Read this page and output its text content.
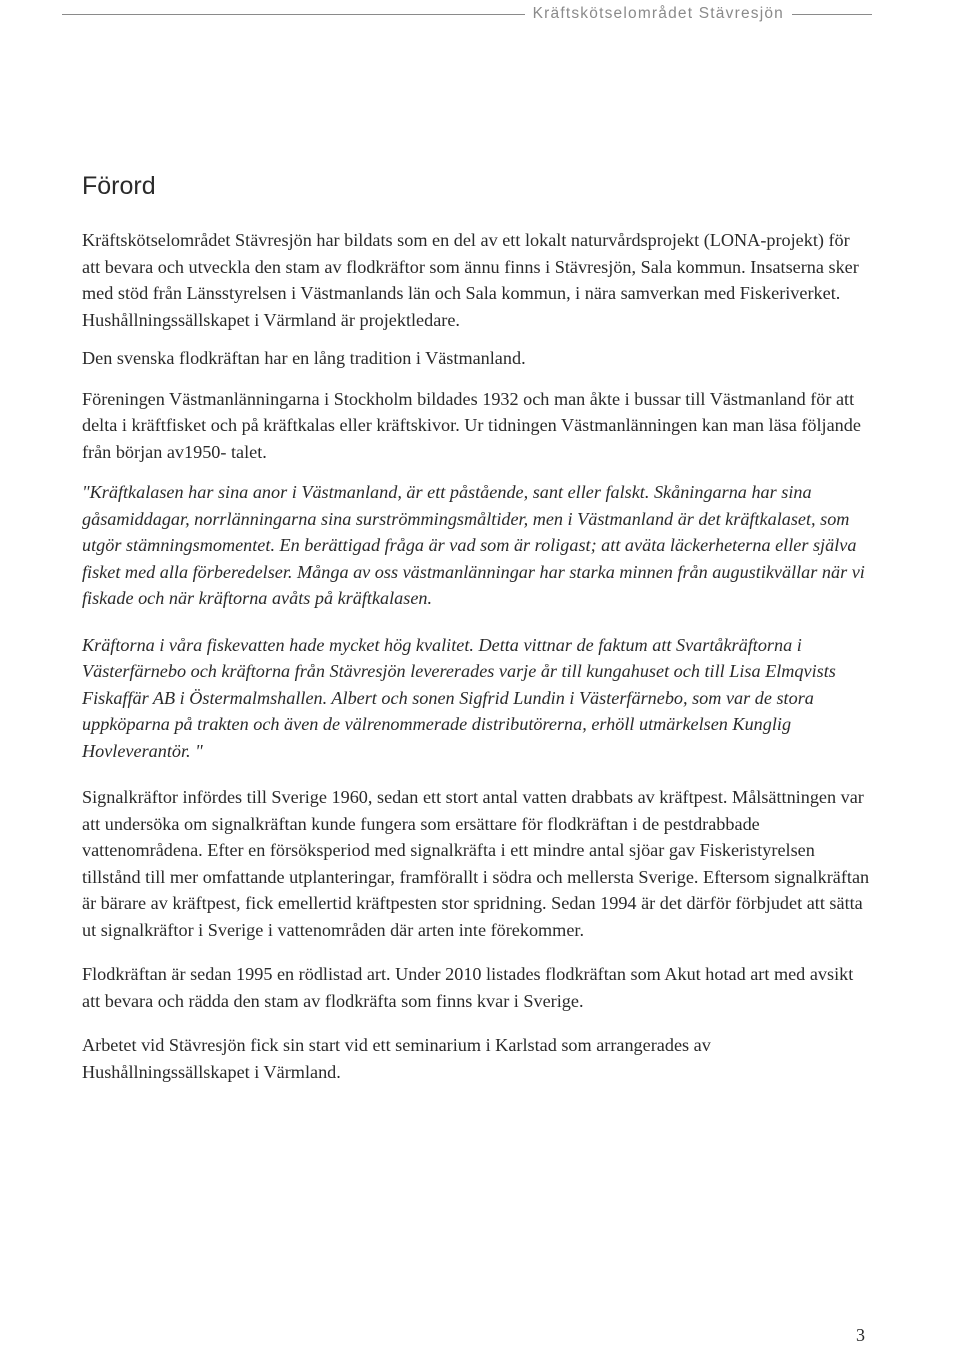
Kräftskötselområdet Stävresjön
Förord

Kräftskötselområdet Stävresjön har bildats som en del av ett lokalt naturvårdsprojekt (LONA-projekt) för att bevara och utveckla den stam av flodkräftor som ännu finns i Stävresjön, Sala kommun. Insatserna sker med stöd från Länsstyrelsen i Västmanlands län och Sala kommun, i nära samverkan med Fiskeriverket. Hushållningssällskapet i Värmland är projektledare.

Den svenska flodkräftan har en lång tradition i Västmanland.

Föreningen Västmanlänningarna i Stockholm bildades 1932 och man åkte i bussar till Västmanland för att delta i kräftfisket och på kräftkalas eller kräftskivor. Ur tidningen Västmanlänningen kan man läsa följande från början av1950- talet.

"Kräftkalasen har sina anor i Västmanland, är ett påstående, sant eller falskt. Skåningarna har sina gåsamiddagar, norrlänningarna sina surströmmingsmåltider, men i Västmanland är det kräftkalaset, som utgör stämningsmomentet. En berättigad fråga är vad som är roligast; att aväta läckerheterna eller själva fisket med alla förberedelser. Många av oss västmanlänningar har starka minnen från augustikvällar när vi fiskade och när kräftorna avåts på kräftkalasen.

Kräftorna i våra fiskevatten hade mycket hög kvalitet. Detta vittnar de faktum att Svartåkräftorna i Västerfärnebo och kräftorna från Stävresjön levererades varje år till kungahuset och till Lisa Elmqvists Fiskaffär AB i Östermalmshallen. Albert och sonen Sigfrid Lundin i Västerfärnebo, som var de stora uppköparna på trakten och även de välrenommerade distributörerna, erhöll utmärkelsen Kunglig Hovleverantör. "

Signalkräftor infördes till Sverige 1960, sedan ett stort antal vatten drabbats av kräftpest. Målsättningen var att undersöka om signalkräftan kunde fungera som ersättare för flodkräftan i de pestdrabbade vattenområdena. Efter en försöksperiod med signalkräfta i ett mindre antal sjöar gav Fiskeristyrelsen tillstånd till mer omfattande utplanteringar, framförallt i södra och mellersta Sverige. Eftersom signalkräftan är bärare av kräftpest, fick emellertid kräftpesten stor spridning. Sedan 1994 är det därför förbjudet att sätta ut signalkräftor i Sverige i vattenområden där arten inte förekommer.

Flodkräftan är sedan 1995 en rödlistad art. Under 2010 listades flodkräftan som Akut hotad art med avsikt att bevara och rädda den stam av flodkräfta som finns kvar i Sverige.

Arbetet vid Stävresjön fick sin start vid ett seminarium i Karlstad som arrangerades av Hushållningssällskapet i Värmland.

3
